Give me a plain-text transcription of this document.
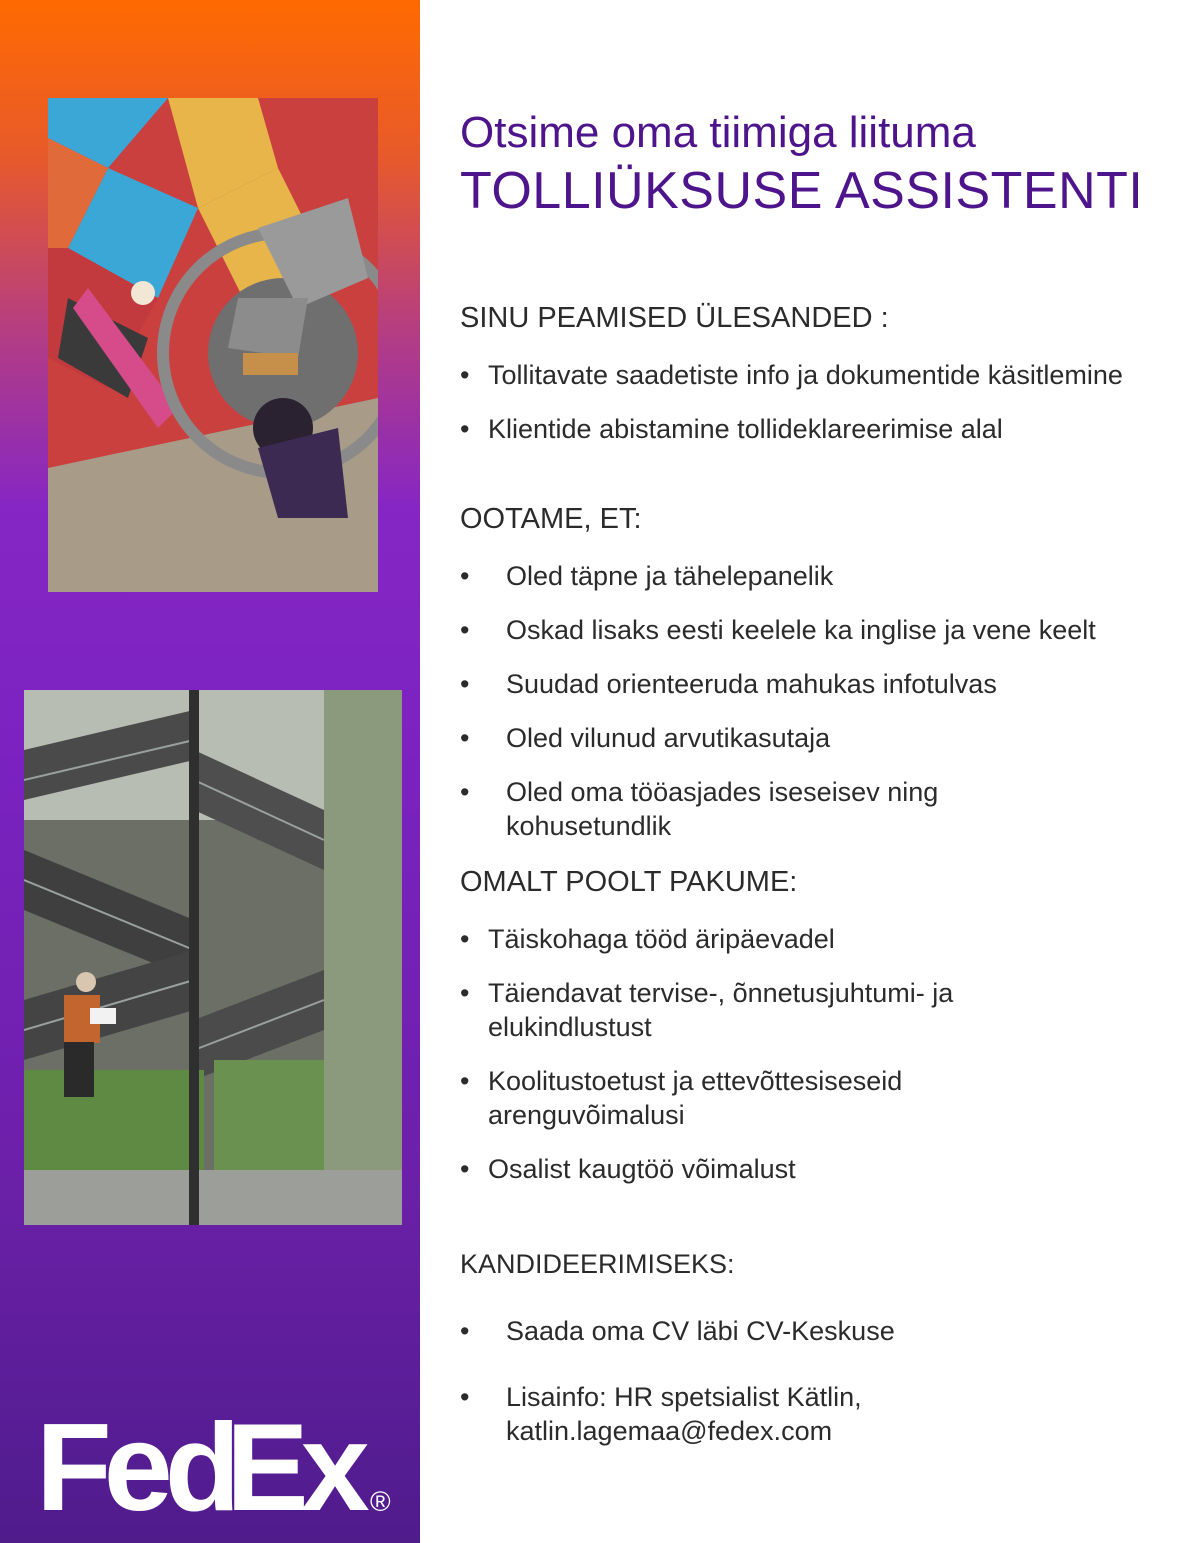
Fed
Ex ®
Otsime oma tiimiga liituma
TOLLIÜKSUSE ASSISTENTI
SINU PEAMISED ÜLESANDED :
• Tollitavate saadetiste info ja dokumentide käsitlemine
• Klientide abistamine tollideklareerimise alal
OOTAME, ET:
• Oled täpne ja tähelepanelik
• Oskad lisaks eesti keelele ka inglise ja vene keelt
• Suudad orienteeruda mahukas infotulvas
• Oled vilunud arvutikasutaja
• Oled oma tööasjades iseseisev ning kohusetundlik
OMALT POOLT PAKUME:
• Täiskohaga tööd äripäevadel
• Täiendavat tervise-, õnnetusjuhtumi- ja elukindlustust
• Koolitustoetust ja ettevõttesiseseid arenguvõimalusi
• Osalist kaugtöö võimalust
KANDIDEERIMISEKS:
• Saada oma CV läbi CV-Keskuse
• Lisainfo: HR spetsialist Kätlin, katlin.lagemaa@fedex.com
